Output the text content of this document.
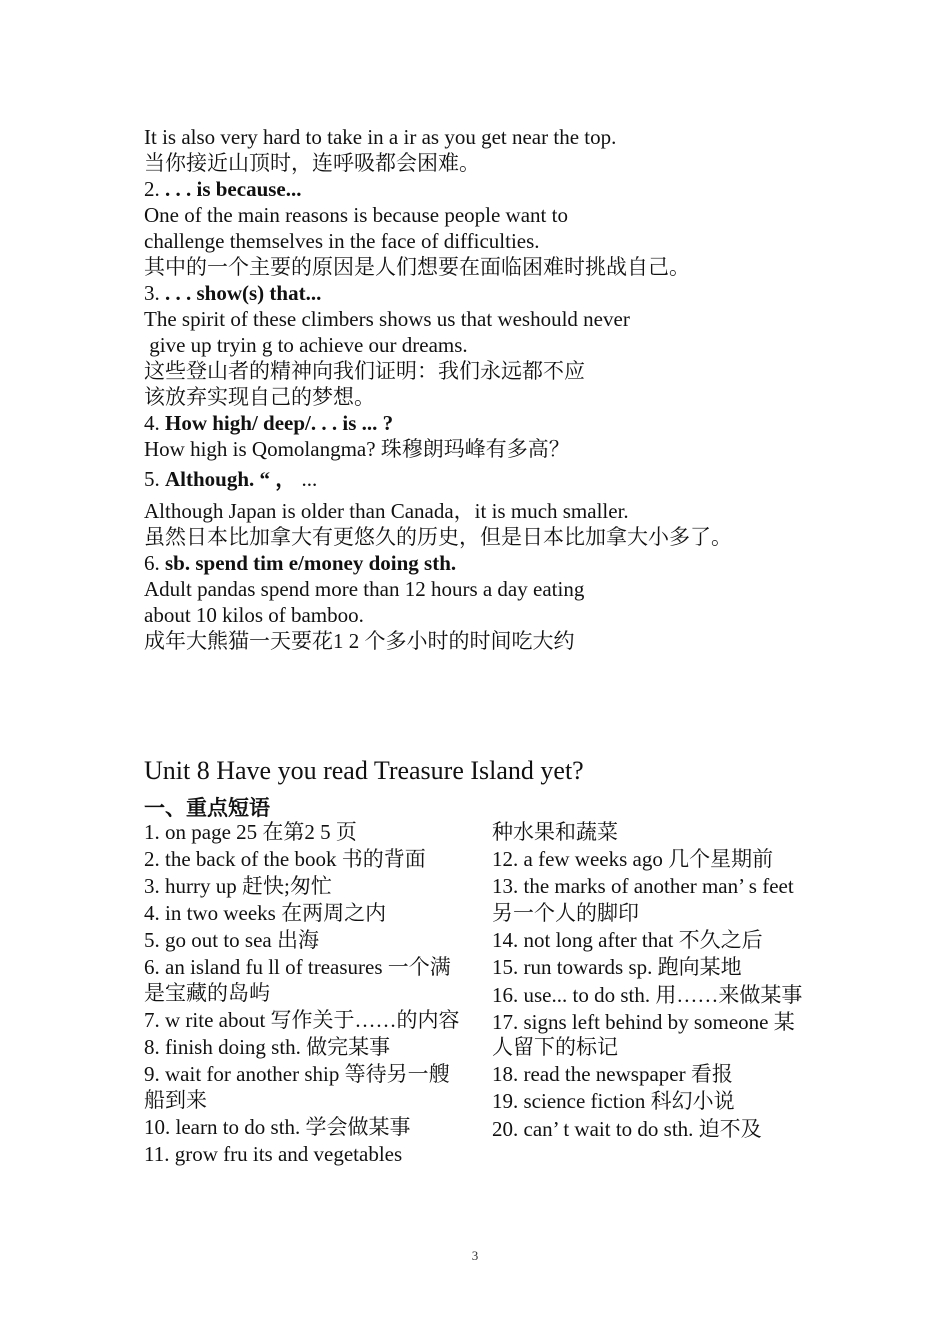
It is also very hard to take in a ir as you get near the top.
当你接近山顶时，连呼吸都会困难。
2. . . . is because...
One of the main reasons is because people want to
challenge themselves in the face of difficulties.
其中的一个主要的原因是人们想要在面临困难时挑战自己。
3. . . . show(s) that...
The spirit of these climbers shows us that weshould never
give up tryin g to achieve our dreams.
这些登山者的精神向我们证明：我们永远都不应
该放弃实现自己的梦想。
4. How high/ deep/. . . is ... ?
How high is Qomolangma? 珠穆朗玛峰有多高？
5. Although. “ ， ...
Although Japan is older than Canada，it is much smaller.
虽然日本比加拿大有更悠久的历史，但是日本比加拿大小多了。
6. sb. spend tim e/money doing sth.
Adult pandas spend more than 12 hours a day eating
about 10 kilos of bamboo.
成年大熊猫一天要花1 2 个多小时的时间吃大约
Unit 8 Have you read Treasure Island yet?
一、重点短语
1. on page 25 在第2 5 页
2. the back of the book 书的背面
3. hurry up 赶快;匆忙
4. in two weeks 在两周之内
5. go out to sea 出海
6. an island fu ll of treasures 一个满是宝藏的岛屿
7. w rite about 写作关于……的内容
8. finish doing sth. 做完某事
9. wait for another ship 等待另一艘船到来
10. learn to do sth. 学会做某事
11. grow fru its and vegetables
种水果和蔬菜
12. a few weeks ago 几个星期前
13. the marks of another man’ s feet
另一个人的脚印
14. not long after that 不久之后
15. run towards sp. 跑向某地
16. use... to do sth. 用……来做某事
17. signs left behind by someone 某人留下的标记
18. read the newspaper 看报
19. science fiction 科幻小说
20. can’ t wait to do sth. 迫不及
3
